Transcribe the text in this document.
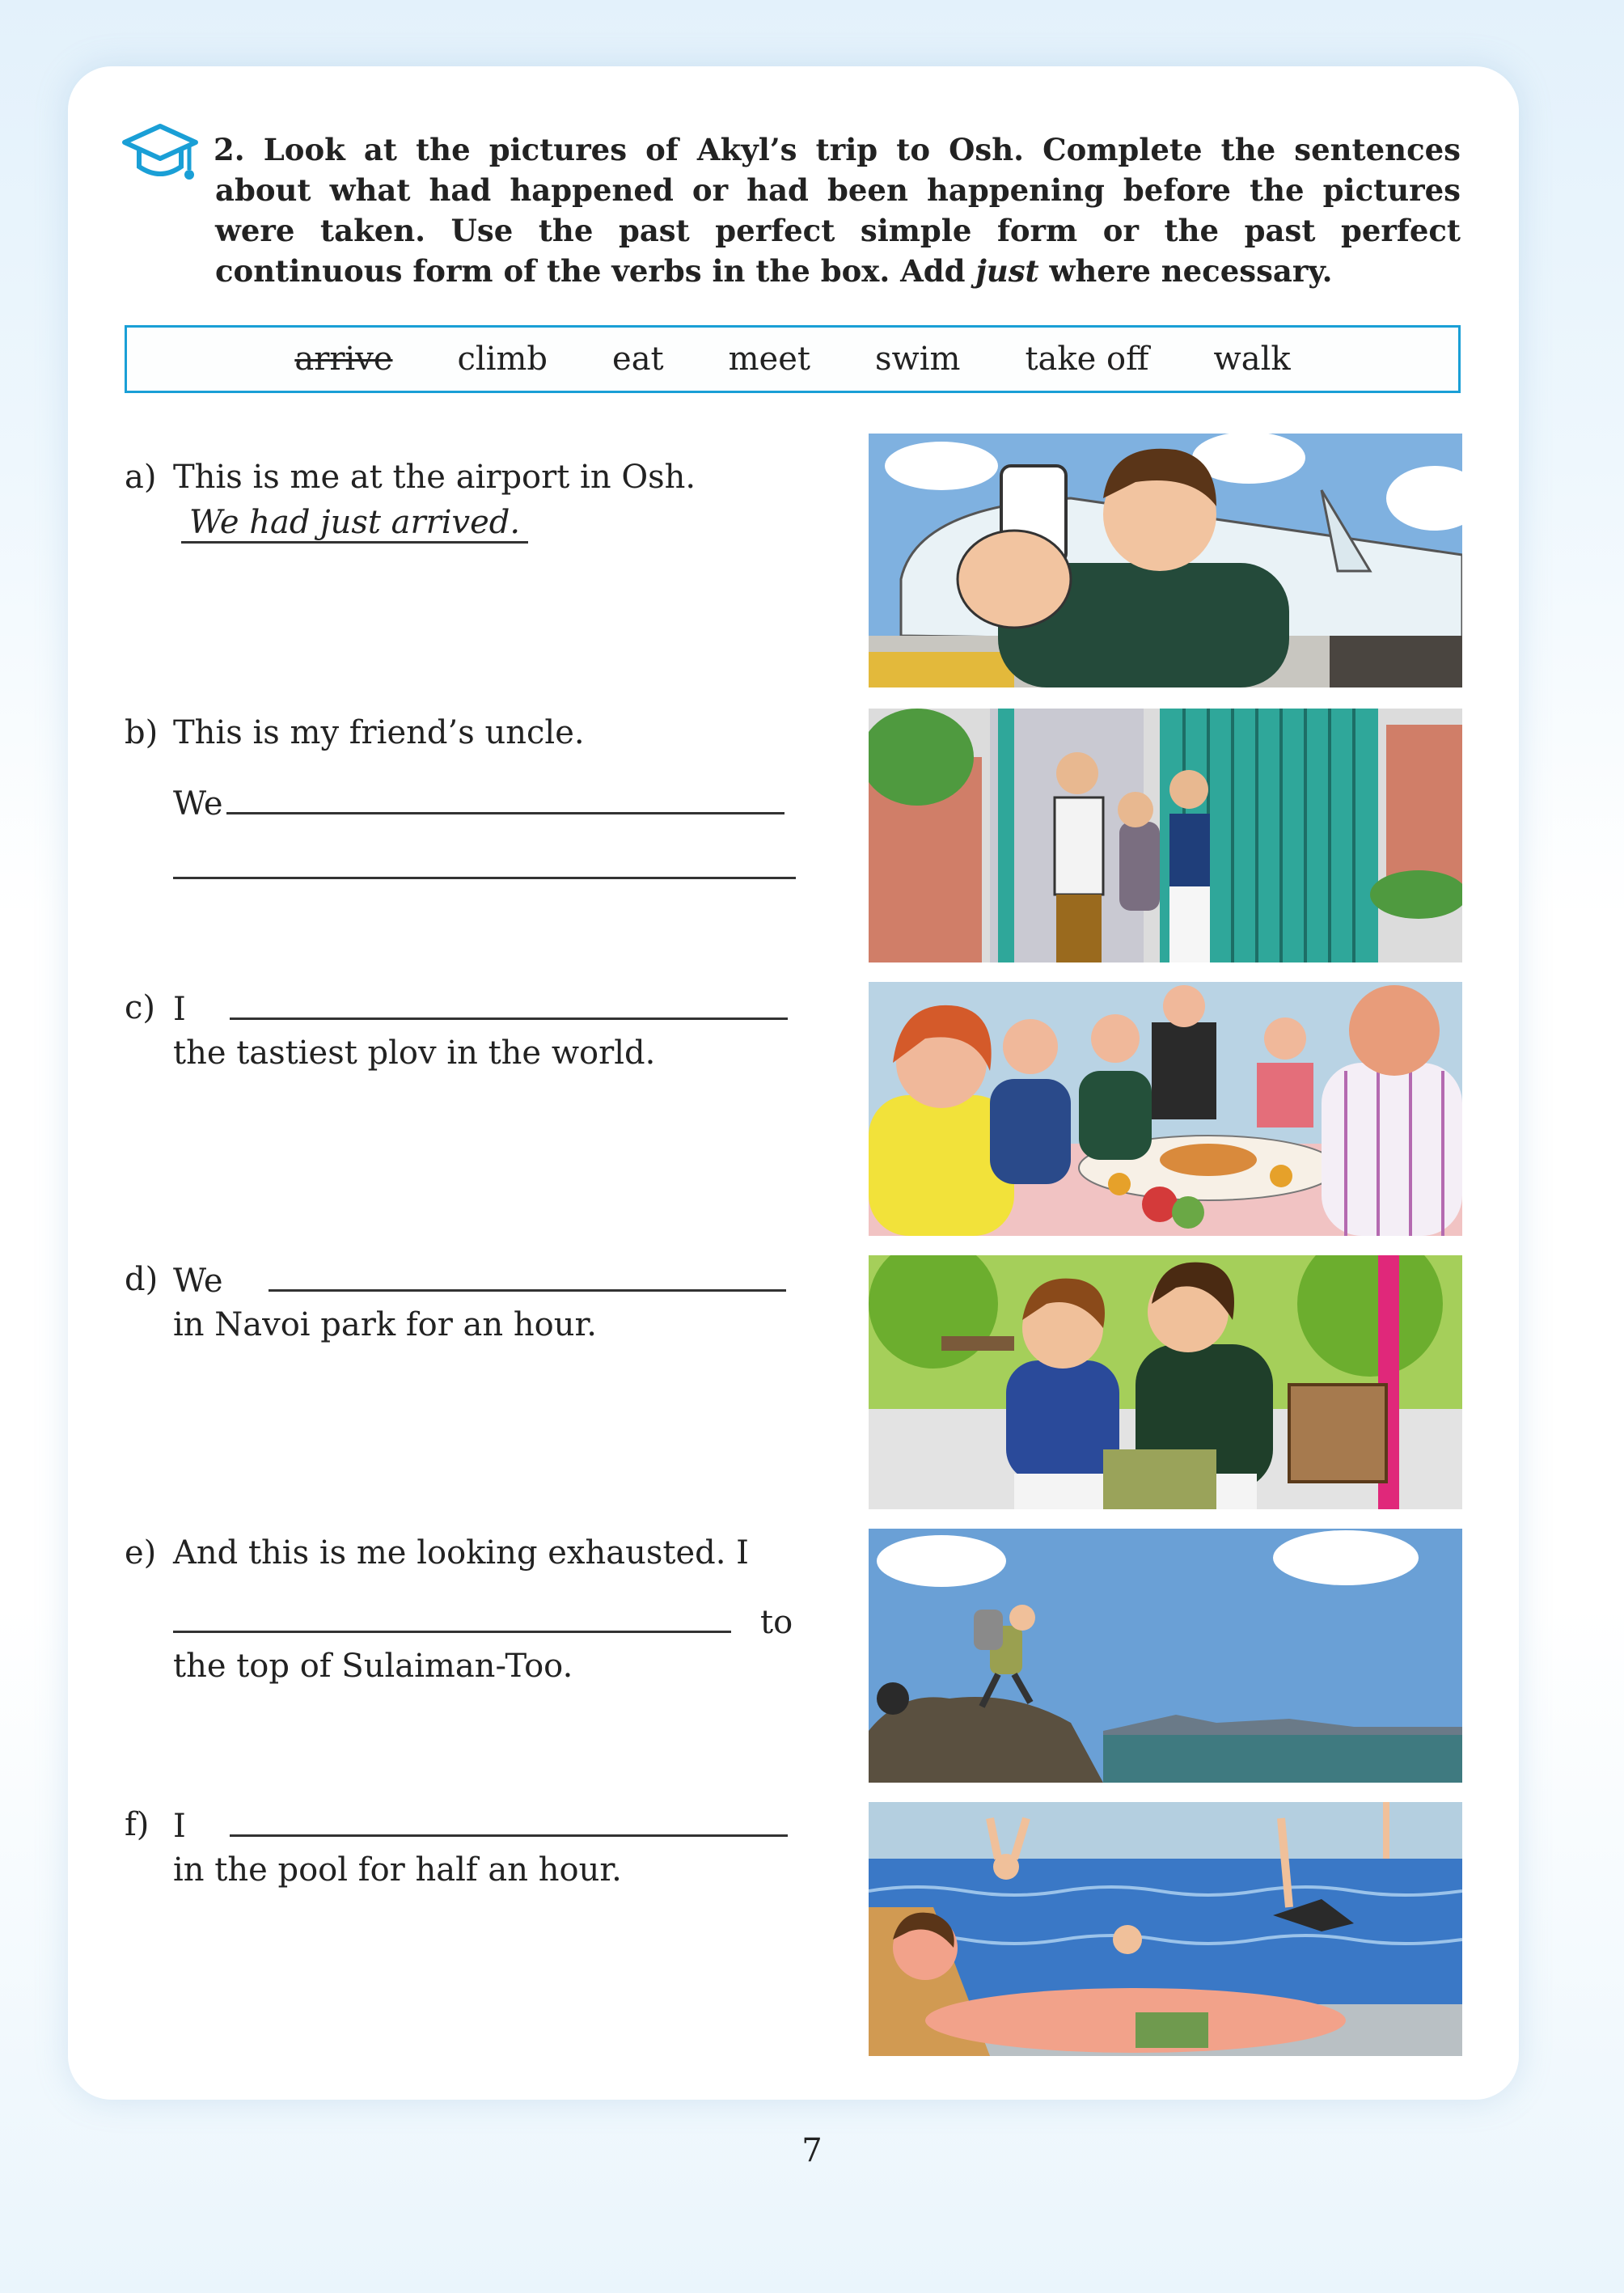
2. Look at the pictures of Akyl’s trip to Osh. Complete the sentences about what had happened or had been happening before the pictures were taken. Use the past perfect simple form or the past perfect continuous form of the verbs in the box. Add just where necessary.
arrive climb eat meet swim take off walk
a) This is me at the airport in Osh.
We had just arrived.
b) This is my friend’s uncle.
We
c) I
the tastiest plov in the world.
d) We
in Navoi park for an hour.
e) And this is me looking exhausted. I
to
the top of Sulaiman-Too.
f) I
in the pool for half an hour.
7
